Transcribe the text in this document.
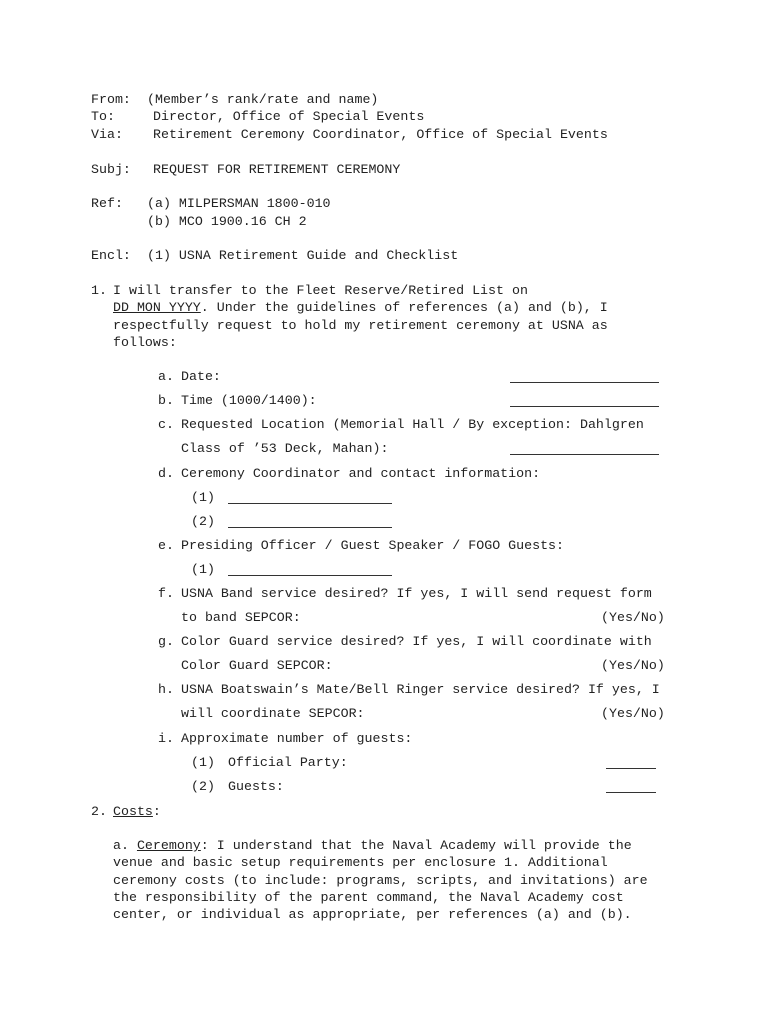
From: (Member’s rank/rate and name)
To:	Director, Office of Special Events
Via: Retirement Ceremony Coordinator, Office of Special Events
Subj: REQUEST FOR RETIREMENT CEREMONY
Ref: (a) MILPERSMAN 1800-010
(b) MCO 1900.16 CH 2
Encl: (1) USNA Retirement Guide and Checklist
1. I will transfer to the Fleet Reserve/Retired List on
DD MON YYYY. Under the guidelines of references (a) and (b), I
respectfully request to hold my retirement ceremony at USNA as
follows:
a. Date:
b. Time (1000/1400):
c. Requested Location (Memorial Hall / By exception: Dahlgren
Class of ’53 Deck, Mahan):
d. Ceremony Coordinator and contact information:
(1)
(2)
e. Presiding Officer / Guest Speaker / FOGO Guests:
(1)
f. USNA Band service desired? If yes, I will send request form
to band SEPCOR:	(Yes/No)
g. Color Guard service desired? If yes, I will coordinate with
Color Guard SEPCOR:	(Yes/No)
h. USNA Boatswain’s Mate/Bell Ringer service desired? If yes, I
will coordinate SEPCOR:	(Yes/No)
i. Approximate number of guests:
(1) Official Party:
(2) Guests:
2. Costs:
a. Ceremony: I understand that the Naval Academy will provide the
venue and basic setup requirements per enclosure 1. Additional
ceremony costs (to include: programs, scripts, and invitations) are
the responsibility of the parent command, the Naval Academy cost
center, or individual as appropriate, per references (a) and (b).
